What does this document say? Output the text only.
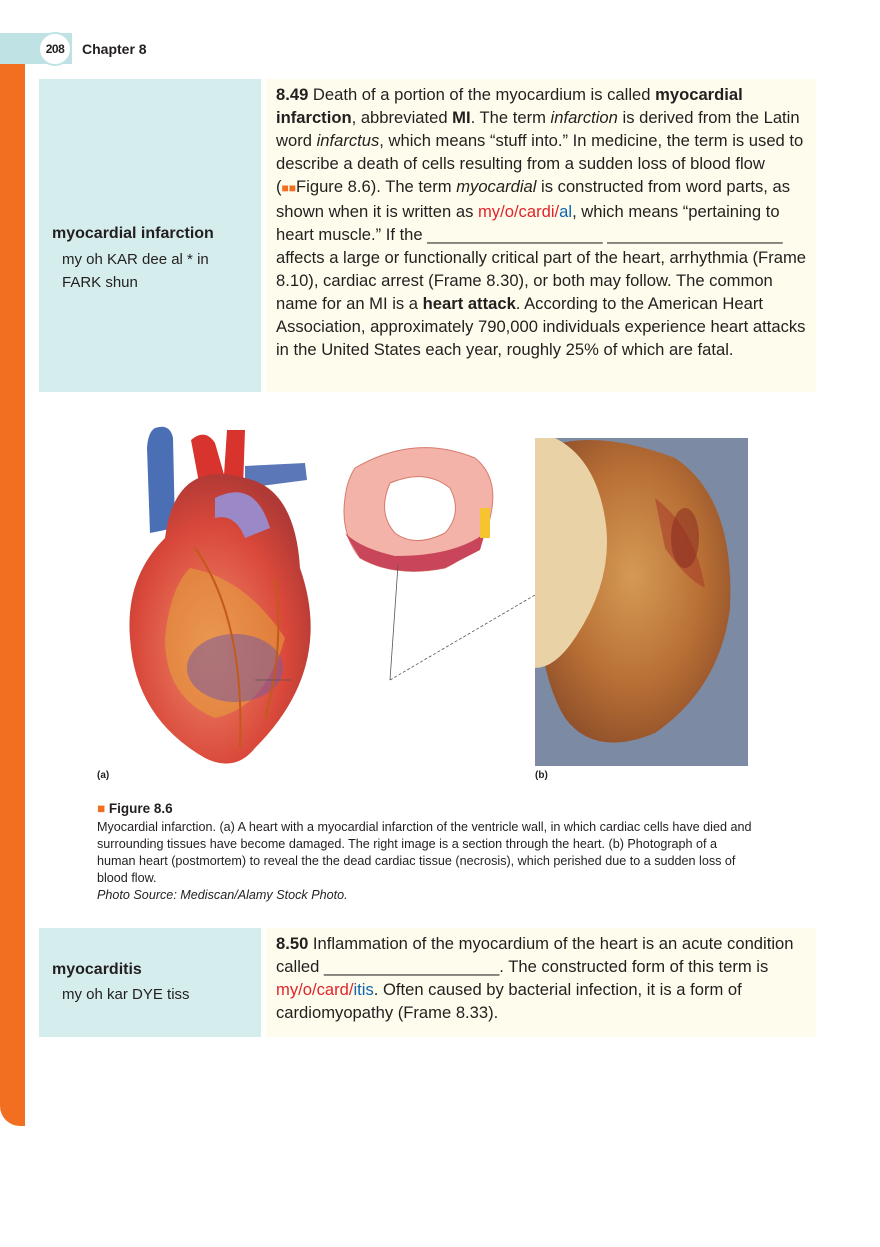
208	Chapter 8
myocardial infarction
my oh KAR dee al * in FARK shun
8.49 Death of a portion of the myocardium is called myocardial infarction, abbreviated MI. The term infarction is derived from the Latin word infarctus, which means “stuff into.” In medicine, the term is used to describe a death of cells resulting from a sudden loss of blood flow (■■Figure 8.6). The term myocardial is constructed from word parts, as shown when it is written as my/o/cardi/al, which means “pertaining to heart muscle.” If the ___________________ ___________________ affects a large or functionally critical part of the heart, arrhythmia (Frame 8.10), cardiac arrest (Frame 8.30), or both may follow. The common name for an MI is a heart attack. According to the American Heart Association, approximately 790,000 individuals experience heart attacks in the United States each year, roughly 25% of which are fatal.
(a)	(b)
■ Figure 8.6
Myocardial infarction. (a) A heart with a myocardial infarction of the ventricle wall, in which cardiac cells have died and surrounding tissues have become damaged. The right image is a section through the heart. (b) Photograph of a human heart (postmortem) to reveal the the dead cardiac tissue (necrosis), which perished due to a sudden loss of blood flow.
Photo Source: Mediscan/Alamy Stock Photo.
myocarditis
my oh kar DYE tiss
8.50 Inflammation of the myocardium of the heart is an acute condition called ___________________. The constructed form of this term is my/o/card/itis. Often caused by bacterial infection, it is a form of cardiomyopathy (Frame 8.33).
